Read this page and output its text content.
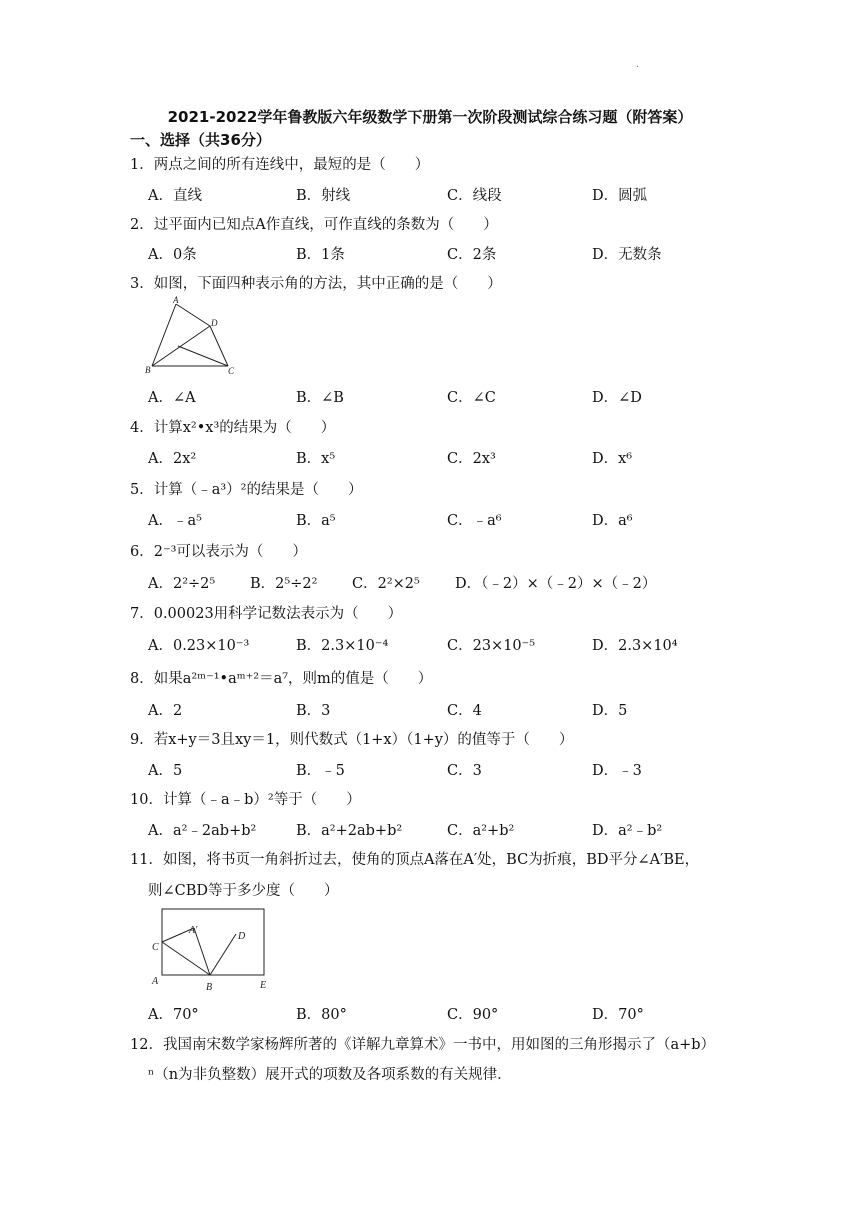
.
2021-2022学年鲁教版六年级数学下册第一次阶段测试综合练习题（附答案）
一、选择（共36分）
1．两点之间的所有连线中，最短的是（　　）
A．直线	B．射线	C．线段	D．圆弧
2．过平面内已知点A作直线，可作直线的条数为（　　）
A．0条	B．1条	C．2条	D．无数条
3．如图，下面四种表示角的方法，其中正确的是（　　）
A
D
B	C
A．∠A	B．∠B	C．∠C	D．∠D
4．计算x²•x³的结果为（　　）
A．2x²	B．x⁵	C．2x³	D．x⁶
5．计算（﹣a³）²的结果是（　　）
A．﹣a⁵	B．a⁵	C．﹣a⁶	D．a⁶
6．2⁻³可以表示为（　　）
A．2²÷2⁵ B．2⁵÷2² C．2²×2⁵ D．（﹣2）×（﹣2）×（﹣2）
7．0.00023用科学记数法表示为（　　）
A．0.23×10⁻³	B．2.3×10⁻⁴	C．23×10⁻⁵	D．2.3×10⁴
8．如果a²ᵐ⁻¹•aᵐ⁺²＝a⁷，则m的值是（　　）
A．2	B．3	C．4	D．5
9．若x+y＝3且xy＝1，则代数式（1+x）（1+y）的值等于（　　）
A．5	B．﹣5	C．3	D．﹣3
10．计算（﹣a﹣b）²等于（　　）
A．a²﹣2ab+b²	B．a²+2ab+b²	C．a²+b²	D．a²﹣b²
11．如图，将书页一角斜折过去，使角的顶点A落在A′处，BC为折痕，BD平分∠A′BE，
则∠CBD等于多少度（　　）
C
A′
D
A
B	E
A．70°	B．80°	C．90°	D．70°
12．我国南宋数学家杨辉所著的《详解九章算术》一书中，用如图的三角形揭示了（a+b）
ⁿ（n为非负整数）展开式的项数及各项系数的有关规律．
